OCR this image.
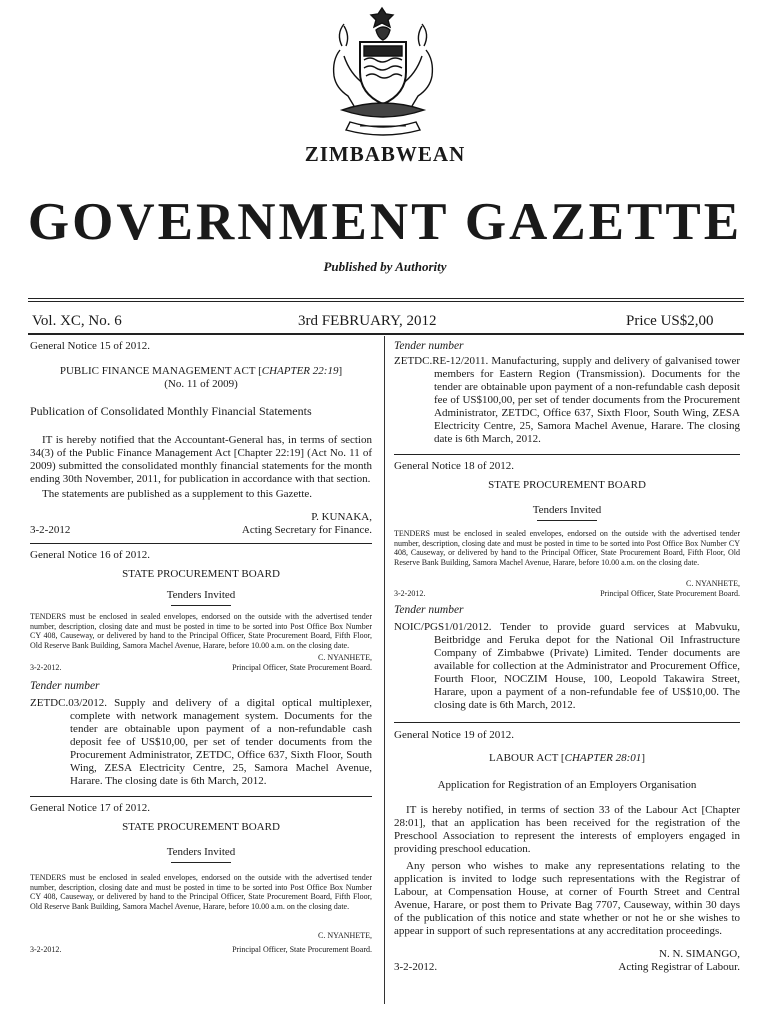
ZIMBABWEAN
GOVERNMENT GAZETTE
Published by Authority
Vol. XC, No. 6	3rd FEBRUARY, 2012	Price US$2,00
General Notice 15 of 2012.
PUBLIC FINANCE MANAGEMENT ACT [CHAPTER 22:19]
(No. 11 of 2009)
Publication of Consolidated Monthly Financial Statements
IT is hereby notified that the Accountant-General has, in terms of section 34(3) of the Public Finance Management Act [Chapter 22:19] (Act No. 11 of 2009) submitted the consolidated monthly financial statements for the month ending 30th November, 2011, for publication in accordance with that section.
The statements are published as a supplement to this Gazette.
P. KUNAKA,
3-2-2012	Acting Secretary for Finance.
General Notice 16 of 2012.
STATE PROCUREMENT BOARD
Tenders Invited
TENDERS must be enclosed in sealed envelopes, endorsed on the outside with the advertised tender number, description, closing date and must be posted in time to be sorted into Post Office Box Number CY 408, Causeway, or delivered by hand to the Principal Officer, State Procurement Board, Fifth Floor, Old Reserve Bank Building, Samora Machel Avenue, Harare, before 10.00 a.m. on the closing date.
C. NYANHETE,
3-2-2012.	Principal Officer, State Procurement Board.
Tender number
ZETDC.03/2012. Supply and delivery of a digital optical multiplexer, complete with network management system. Documents for the tender are obtainable upon payment of a non-refundable cash deposit fee of US$10,00, per set of tender documents from the Procurement Administrator, ZETDC, Office 637, Sixth Floor, South Wing, ZESA Electricity Centre, 25, Samora Machel Avenue, Harare. The closing date is 6th March, 2012.
General Notice 17 of 2012.
STATE PROCUREMENT BOARD
Tenders Invited
TENDERS must be enclosed in sealed envelopes, endorsed on the outside with the advertised tender number, description, closing date and must be posted in time to be sorted into Post Office Box Number CY 408, Causeway, or delivered by hand to the Principal Officer, State Procurement Board, Fifth Floor, Old Reserve Bank Building, Samora Machel Avenue, Harare, before 10.00 a.m. on the closing date.
C. NYANHETE,
3-2-2012.	Principal Officer, State Procurement Board.
Tender number
ZETDC.RE-12/2011. Manufacturing, supply and delivery of galvanised tower members for Eastern Region (Transmission). Documents for the tender are obtainable upon payment of a non-refundable cash deposit fee of US$100,00, per set of tender documents from the Procurement Administrator, ZETDC, Office 637, Sixth Floor, South Wing, ZESA Electricity Centre, 25, Samora Machel Avenue, Harare. The closing date is 6th March, 2012.
General Notice 18 of 2012.
STATE PROCUREMENT BOARD
Tenders Invited
TENDERS must be enclosed in sealed envelopes, endorsed on the outside with the advertised tender number, description, closing date and must be posted in time to be sorted into Post Office Box Number CY 408, Causeway, or delivered by hand to the Principal Officer, State Procurement Board, Fifth Floor, Old Reserve Bank Building, Samora Machel Avenue, Harare, before 10.00 a.m. on the closing date.
C. NYANHETE,
3-2-2012.	Principal Officer, State Procurement Board.
Tender number
NOIC/PGS1/01/2012. Tender to provide guard services at Mabvuku, Beitbridge and Feruka depot for the National Oil Infrastructure Company of Zimbabwe (Private) Limited. Tender documents are available for collection at the Administrator and Procurement Office, Fourth Floor, NOCZIM House, 100, Leopold Takawira Street, Harare, upon a payment of a non-refundable fee of US$10,00. The closing date is 6th March, 2012.
General Notice 19 of 2012.
LABOUR ACT [CHAPTER 28:01]
Application for Registration of an Employers Organisation
IT is hereby notified, in terms of section 33 of the Labour Act [Chapter 28:01], that an application has been received for the registration of the Preschool Association to represent the interests of employers engaged in providing preschool education.
Any person who wishes to make any representations relating to the application is invited to lodge such representations with the Registrar of Labour, at Compensation House, at corner of Fourth Street and Central Avenue, Harare, or post them to Private Bag 7707, Causeway, within 30 days of the publication of this notice and state whether or not he or she wishes to appear in support of such representations at any accreditation proceedings.
N. N. SIMANGO,
3-2-2012.	Acting Registrar of Labour.
